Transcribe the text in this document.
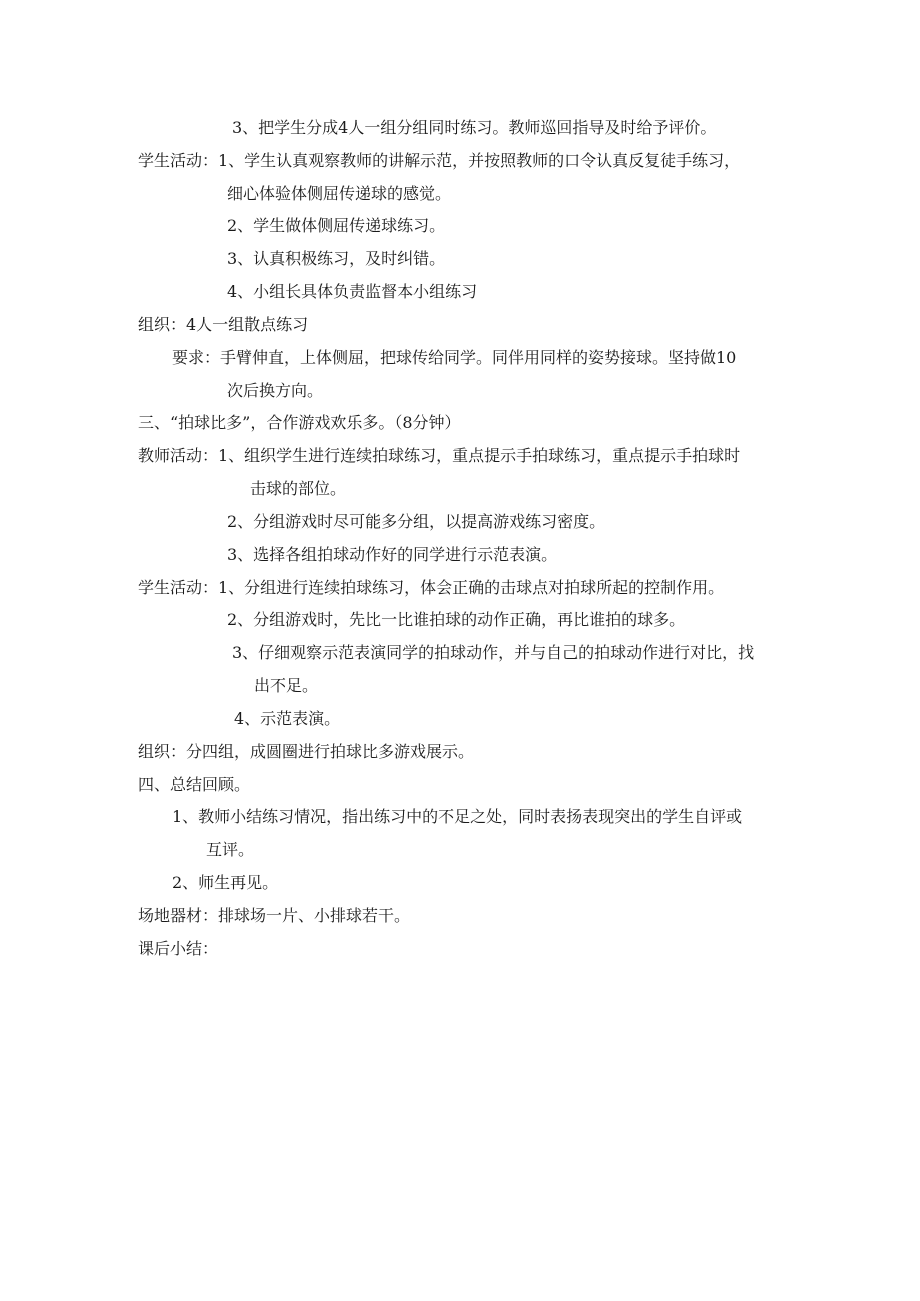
3、把学生分成4人一组分组同时练习。教师巡回指导及时给予评价。
学生活动：1、学生认真观察教师的讲解示范，并按照教师的口令认真反复徒手练习，
细心体验体侧屈传递球的感觉。
2、学生做体侧屈传递球练习。
3、认真积极练习，及时纠错。
4、小组长具体负责监督本小组练习
组织：4人一组散点练习
要求：手臂伸直，上体侧屈，把球传给同学。同伴用同样的姿势接球。坚持做10
次后换方向。
三、“拍球比多”，合作游戏欢乐多。（8分钟）
教师活动：1、组织学生进行连续拍球练习，重点提示手拍球练习，重点提示手拍球时
击球的部位。
2、分组游戏时尽可能多分组，以提高游戏练习密度。
3、选择各组拍球动作好的同学进行示范表演。
学生活动：1、分组进行连续拍球练习，体会正确的击球点对拍球所起的控制作用。
2、分组游戏时，先比一比谁拍球的动作正确，再比谁拍的球多。
3、仔细观察示范表演同学的拍球动作，并与自己的拍球动作进行对比，找
出不足。
4、示范表演。
组织：分四组，成圆圈进行拍球比多游戏展示。
四、总结回顾。
1、教师小结练习情况，指出练习中的不足之处，同时表扬表现突出的学生自评或
互评。
2、师生再见。
场地器材：排球场一片、小排球若干。
课后小结：
